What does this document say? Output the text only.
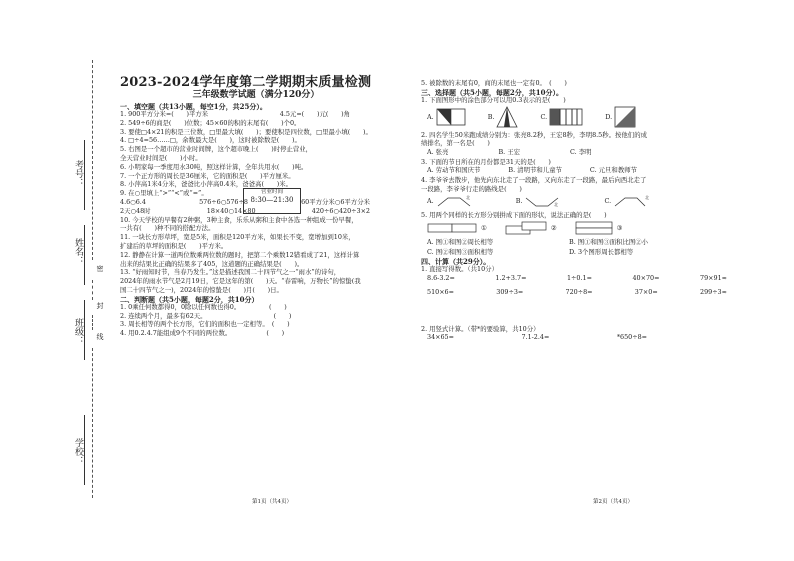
考号：
姓名：
班级：
学校：
密
封
线
2023-2024学年度第二学期期末质量检测
三年级数学试题（满分120分）
一、填空题（共13小题，每空1分，共25分）。
1. 900平方分米=(　　)平方米	4.5元=(　　)元(　　)角
2. 549÷6的商是(　　)位数；45×60的积的末尾有(　　)个0。
3. 要使□4×21的积是三位数，□里最大填(　　)；要使积是四位数，□里最小填(　　)。
4. □÷4=56……□，余数最大是(　　)，这时被除数是(　　)。
5. 右图是一个超市的营业时间牌，这个超市晚上(　　)时停止营业，
全天营业时间是(　　)小时。
6. 小明家每一季度用水30吨，照这样计算，全年共用水(　　)吨。
7. 一个正方形的周长是36厘米，它的面积是(　　)平方厘米。
8. 小萍高1米4分米，爸爸比小萍高0.4米，爸爸高(　　)米。
9. 在○里填上“>”“<”或“=”。
4.6○6.4	576÷6○576÷8	60平方分米○6平方分米
2天○48时	18×40○14×80	420÷6○420÷3×2
10. 今天学校的早餐有2种粥，3种主食，乐乐从粥和主食中各选一种组成一份早餐，
一共有(　　)种不同的搭配方法。
11. 一块长方形草坪，宽是5米，面积是120平方米，如果长不变，宽增加到10米，
扩建后的草坪的面积是(　　)平方米。
12. 静静在计算一道两位数乘两位数的题时，把第二个乘数12错看成了21，这样计算
出来的结果比正确的结果多了405，这道题的正确结果是(　　)。
13. “好雨知时节，当春乃发生。”这是描述我国二十四节气之一“雨水”的诗句，
2024年的雨水节气是2月19日，它是这年的第(　　)天。“春雷响，万物长”的惊蛰(我
国二十四节气之一)，2024年的惊蛰是(　　)月(　　)日。
二、判断题（共5小题，每题2分，共10分）
1. 0乘任何数都得0，0除以任何数也得0。　　　　　(　　)
2. 连续两个月，最多有62天。　　　　　　　　　　　(　　)
3. 周长相等的两个长方形，它们的面积也一定相等。　(　　)
4. 用0.2.4.7能组成9个不同的两位数。　　　　　　(　　)
营业时间
8:30—21:30
第1页（共4页）
5. 被除数的末尾有0，商的末尾也一定有0。　(　　)
三、选择题（共5小题，每题2分，共10分）。
1. 下面图形中的涂色部分可以用0.3表示的是(　　)
A.	B.	C.	D.
2. 四名学生50米跑成绩分别为：张亮8.2秒，王宏8秒，李明8.5秒。按他们的成
绩排名，第一名是(　　)
A. 张亮	B. 王宏	C. 李明
3. 下面的节日所在的月份都是31天的是(　　)
A. 劳动节和国庆节	B. 清明节和儿童节	C. 元旦和教师节
4. 李爷爷去散步，他先向东北走了一段路，又向东走了一段路，最后向西北走了
一段路，李爷爷行走的路线是(　　)
A.	北	B.	北	C.	北
5. 用两个同样的长方形分别拼成下面的形状，说法正确的是(　　)
①	②	③
A. 图①和图②周长相等	B. 图①和图③面积比图②小
C. 图②和图③面积相等	D. 3个图形周长都相等
四、计算（共29分）。
1. 直接写得数。（共10分）
8.6-3.2=	1.2+3.7=	1÷0.1=	40×70=	79×91≈
510×6=	309÷3=	720÷8=	37×0=	299÷3≈
2. 用竖式计算。（带*的要验算，共10分）
34×65=	7.1-2.4=	*650÷8=
第2页（共4页）
